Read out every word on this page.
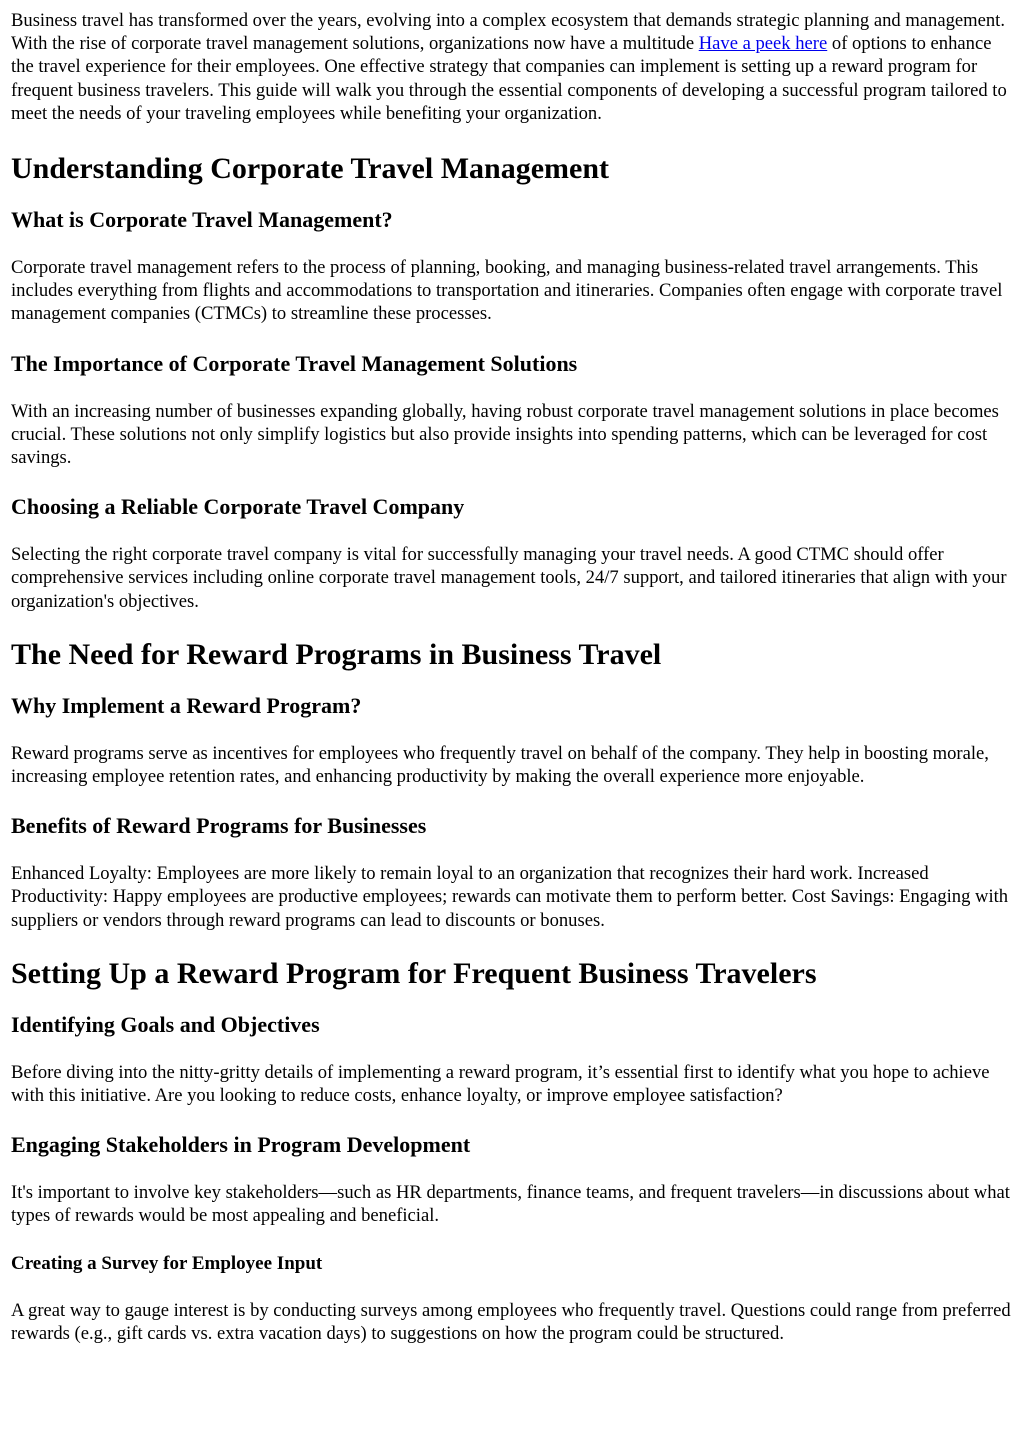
Business travel has transformed over the years, evolving into a complex ecosystem that demands strategic planning and management. With the rise of corporate travel management solutions, organizations now have a multitude Have a peek here of options to enhance the travel experience for their employees. One effective strategy that companies can implement is setting up a reward program for frequent business travelers. This guide will walk you through the essential components of developing a successful program tailored to meet the needs of your traveling employees while benefiting your organization.

Understanding Corporate Travel Management
What is Corporate Travel Management?

Corporate travel management refers to the process of planning, booking, and managing business-related travel arrangements. This includes everything from flights and accommodations to transportation and itineraries. Companies often engage with corporate travel management companies (CTMCs) to streamline these processes.

The Importance of Corporate Travel Management Solutions

With an increasing number of businesses expanding globally, having robust corporate travel management solutions in place becomes crucial. These solutions not only simplify logistics but also provide insights into spending patterns, which can be leveraged for cost savings.

Choosing a Reliable Corporate Travel Company

Selecting the right corporate travel company is vital for successfully managing your travel needs. A good CTMC should offer comprehensive services including online corporate travel management tools, 24/7 support, and tailored itineraries that align with your organization's objectives.

The Need for Reward Programs in Business Travel
Why Implement a Reward Program?

Reward programs serve as incentives for employees who frequently travel on behalf of the company. They help in boosting morale, increasing employee retention rates, and enhancing productivity by making the overall experience more enjoyable.

Benefits of Reward Programs for Businesses

Enhanced Loyalty: Employees are more likely to remain loyal to an organization that recognizes their hard work. Increased Productivity: Happy employees are productive employees; rewards can motivate them to perform better. Cost Savings: Engaging with suppliers or vendors through reward programs can lead to discounts or bonuses.

Setting Up a Reward Program for Frequent Business Travelers
Identifying Goals and Objectives

Before diving into the nitty-gritty details of implementing a reward program, it’s essential first to identify what you hope to achieve with this initiative. Are you looking to reduce costs, enhance loyalty, or improve employee satisfaction?

Engaging Stakeholders in Program Development

It's important to involve key stakeholders—such as HR departments, finance teams, and frequent travelers—in discussions about what types of rewards would be most appealing and beneficial.

Creating a Survey for Employee Input

A great way to gauge interest is by conducting surveys among employees who frequently travel. Questions could range from preferred rewards (e.g., gift cards vs. extra vacation days) to suggestions on how the program could be structured.
